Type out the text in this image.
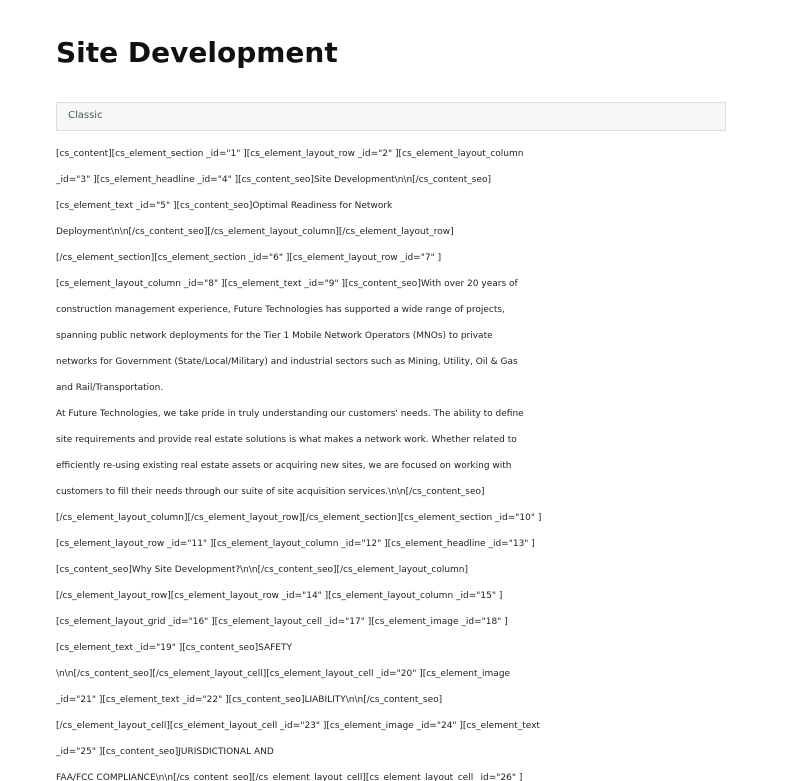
Site Development
Classic
[cs_content][cs_element_section _id="1" ][cs_element_layout_row _id="2" ][cs_element_layout_column
_id="3" ][cs_element_headline _id="4" ][cs_content_seo]Site Development\n\n[/cs_content_seo]
[cs_element_text _id="5" ][cs_content_seo]Optimal Readiness for Network
Deployment\n\n[/cs_content_seo][/cs_element_layout_column][/cs_element_layout_row]
[/cs_element_section][cs_element_section _id="6" ][cs_element_layout_row _id="7" ]
[cs_element_layout_column _id="8" ][cs_element_text _id="9" ][cs_content_seo]With over 20 years of
construction management experience, Future Technologies has supported a wide range of projects,
spanning public network deployments for the Tier 1 Mobile Network Operators (MNOs) to private
networks for Government (State/Local/Military) and industrial sectors such as Mining, Utility, Oil & Gas
and Rail/Transportation.
At Future Technologies, we take pride in truly understanding our customers' needs. The ability to define
site requirements and provide real estate solutions is what makes a network work. Whether related to
efficiently re-using existing real estate assets or acquiring new sites, we are focused on working with
customers to fill their needs through our suite of site acquisition services.\n\n[/cs_content_seo]
[/cs_element_layout_column][/cs_element_layout_row][/cs_element_section][cs_element_section _id="10" ]
[cs_element_layout_row _id="11" ][cs_element_layout_column _id="12" ][cs_element_headline _id="13" ]
[cs_content_seo]Why Site Development?\n\n[/cs_content_seo][/cs_element_layout_column]
[/cs_element_layout_row][cs_element_layout_row _id="14" ][cs_element_layout_column _id="15" ]
[cs_element_layout_grid _id="16" ][cs_element_layout_cell _id="17" ][cs_element_image _id="18" ]
[cs_element_text _id="19" ][cs_content_seo]SAFETY
\n\n[/cs_content_seo][/cs_element_layout_cell][cs_element_layout_cell _id="20" ][cs_element_image
_id="21" ][cs_element_text _id="22" ][cs_content_seo]LIABILITY\n\n[/cs_content_seo]
[/cs_element_layout_cell][cs_element_layout_cell _id="23" ][cs_element_image _id="24" ][cs_element_text
_id="25" ][cs_content_seo]JURISDICTIONAL AND
FAA/FCC COMPLIANCE\n\n[/cs_content_seo][/cs_element_layout_cell][cs_element_layout_cell _id="26" ]
